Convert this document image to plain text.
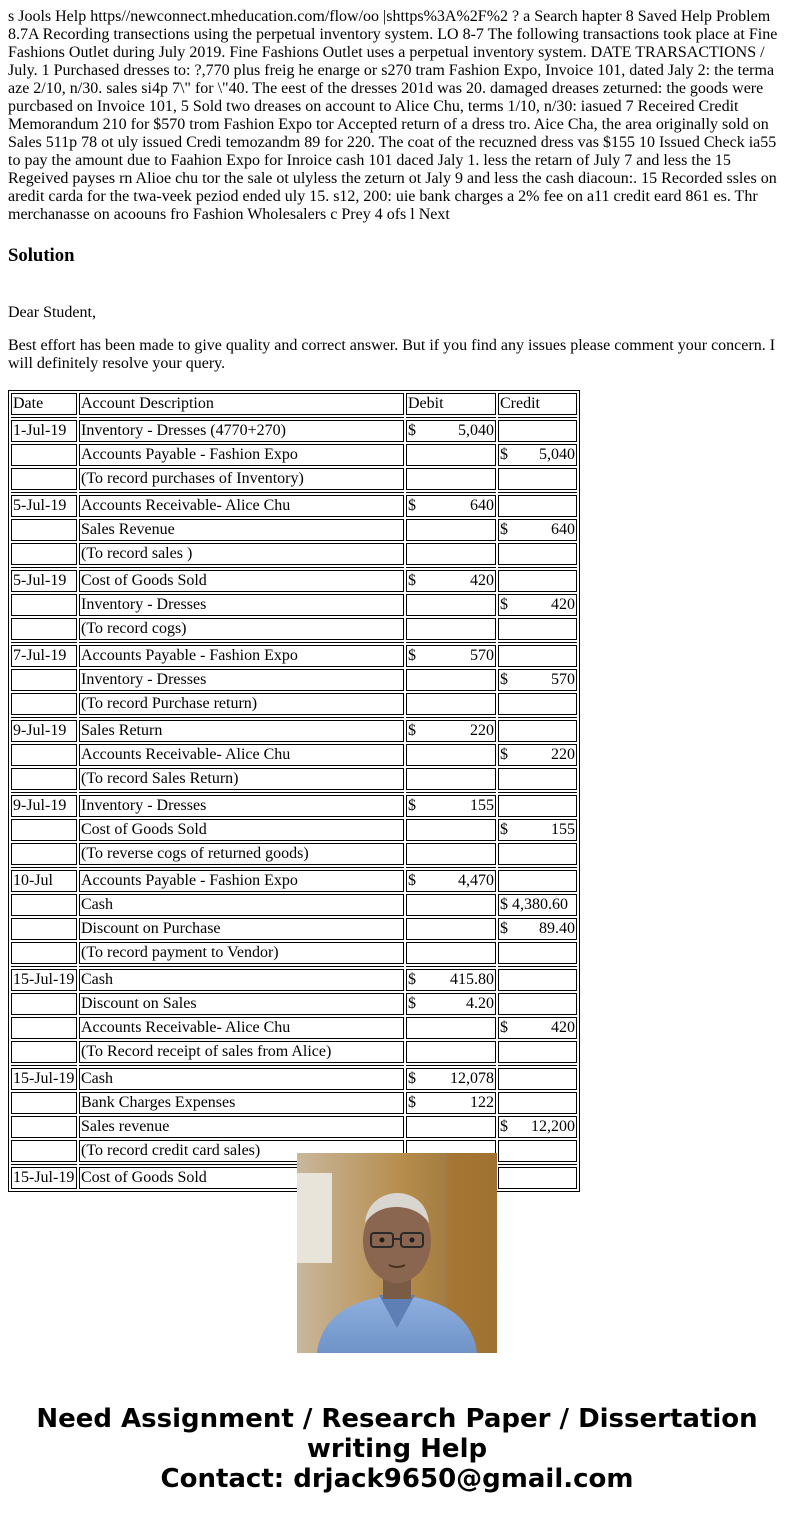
s Jools Help https//newconnect.mheducation.com/flow/oo |shttps%3A%2F%2 ? a Search hapter 8 Saved Help Problem 8.7A Recording transections using the perpetual inventory system. LO 8-7 The following transactions took place at Fine Fashions Outlet during July 2019. Fine Fashions Outlet uses a perpetual inventory system. DATE TRARSACTIONS / July. 1 Purchased dresses to: ?,770 plus freig he enarge or s270 tram Fashion Expo, Invoice 101, dated Jaly 2: the terma aze 2/10, n/30. sales si4p 7\" for \"40. The eest of the dresses 201d was 20. damaged dreases zeturned: the goods were purcbased on Invoice 101, 5 Sold two dreases on account to Alice Chu, terms 1/10, n/30: iasued 7 Receired Credit Memorandum 210 for $570 trom Fashion Expo tor Accepted return of a dress tro. Aice Cha, the area originally sold on Sales 511p 78 ot uly issued Credi temozandm 89 for 220. The coat of the recuzned dress vas $155 10 Issued Check ia55 to pay the amount due to Faahion Expo for Inroice cash 101 daced Jaly 1. less the retarn of July 7 and less the 15 Regeived payses rn Alioe chu tor the sale ot ulyless the zeturn ot Jaly 9 and less the cash diacoun:. 15 Recorded ssles on aredit carda for the twa-veek peziod ended uly 15. s12, 200: uie bank charges a 2% fee on a11 credit eard 861 es. Thr merchanasse on acoouns fro Fashion Wholesalers c Prey 4 ofs l Next
Solution
Dear Student,
Best effort has been made to give quality and correct answer. But if you find any issues please comment your concern. I will definitely resolve your query.
Date	Account Description	Debit	Credit

1-Jul-19	Inventory - Dresses (4770+270)	$ 5,040	

	Accounts Payable - Fashion Expo		$ 5,040

	(To record purchases of Inventory)		

5-Jul-19	Accounts Receivable- Alice Chu	$ 640	

	Sales Revenue		$ 640

	(To record sales )		

5-Jul-19	Cost of Goods Sold	$ 420	

	Inventory - Dresses		$ 420

	(To record cogs)		

7-Jul-19	Accounts Payable - Fashion Expo	$ 570	

	Inventory - Dresses		$ 570

	(To record Purchase return)		

9-Jul-19	Sales Return	$ 220	

	Accounts Receivable- Alice Chu		$ 220

	(To record Sales Return)		

9-Jul-19	Inventory - Dresses	$ 155	

	Cost of Goods Sold		$ 155

	(To reverse cogs of returned goods)		

10-Jul	Accounts Payable - Fashion Expo	$ 4,470	

	Cash		$ 4,380.60
	Discount on Purchase		$ 89.40

	(To record payment to Vendor)		

15-Jul-19	Cash	$ 415.80	

	Discount on Sales	$ 4.20	

	Accounts Receivable- Alice Chu		$ 420

	(To Record receipt of sales from Alice)		

15-Jul-19	Cash	$ 12,078	

	Bank Charges Expenses	$ 122	

	Sales revenue		$ 12,200

	(To record credit card sales)		

15-Jul-19	Cost of Goods Sold	

Need Assignment / Research Paper / Dissertation
writing Help
Contact: drjack9650@gmail.com
